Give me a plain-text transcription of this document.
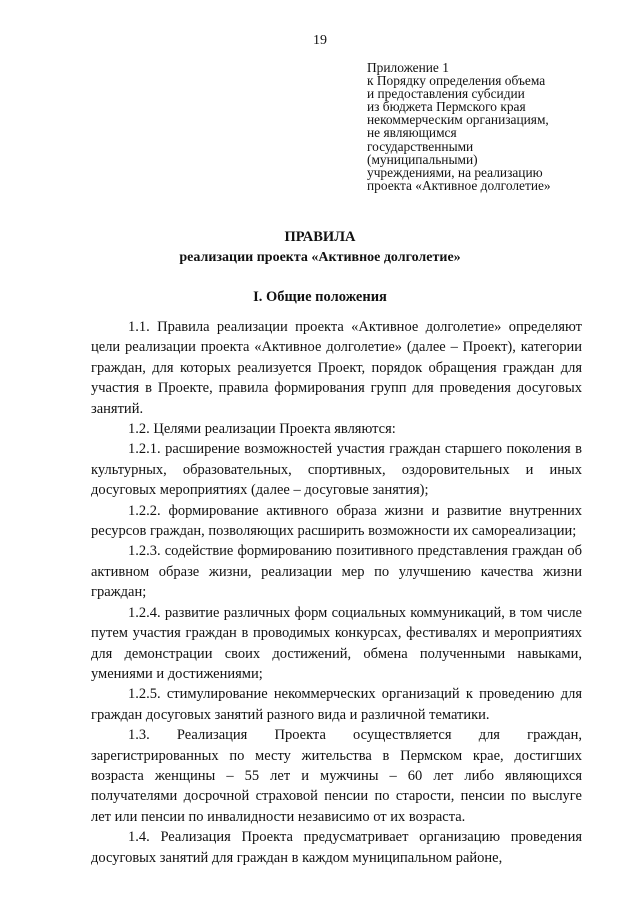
19
Приложение 1
к Порядку определения объема
и предоставления субсидии
из бюджета Пермского края
некоммерческим организациям,
не являющимся
государственными
(муниципальными)
учреждениями, на реализацию
проекта «Активное долголетие»
ПРАВИЛА
реализации проекта «Активное долголетие»
I. Общие положения

1.1. Правила реализации проекта «Активное долголетие» определяют цели реализации проекта «Активное долголетие» (далее – Проект), категории граждан, для которых реализуется Проект, порядок обращения граждан для участия в Проекте, правила формирования групп для проведения досуговых занятий.

1.2. Целями реализации Проекта являются:

1.2.1. расширение возможностей участия граждан старшего поколения в культурных, образовательных, спортивных, оздоровительных и иных досуговых мероприятиях (далее – досуговые занятия);

1.2.2. формирование активного образа жизни и развитие внутренних ресурсов граждан, позволяющих расширить возможности их самореализации;

1.2.3. содействие формированию позитивного представления граждан об активном образе жизни, реализации мер по улучшению качества жизни граждан;

1.2.4. развитие различных форм социальных коммуникаций, в том числе путем участия граждан в проводимых конкурсах, фестивалях и мероприятиях для демонстрации своих достижений, обмена полученными навыками, умениями и достижениями;

1.2.5. стимулирование некоммерческих организаций к проведению для граждан досуговых занятий разного вида и различной тематики.

1.3. Реализация Проекта осуществляется для граждан, зарегистрированных по месту жительства в Пермском крае, достигших возраста женщины – 55 лет и мужчины – 60 лет либо являющихся получателями досрочной страховой пенсии по старости, пенсии по выслуге лет или пенсии по инвалидности независимо от их возраста.

1.4. Реализация Проекта предусматривает организацию проведения досуговых занятий для граждан в каждом муниципальном районе,
